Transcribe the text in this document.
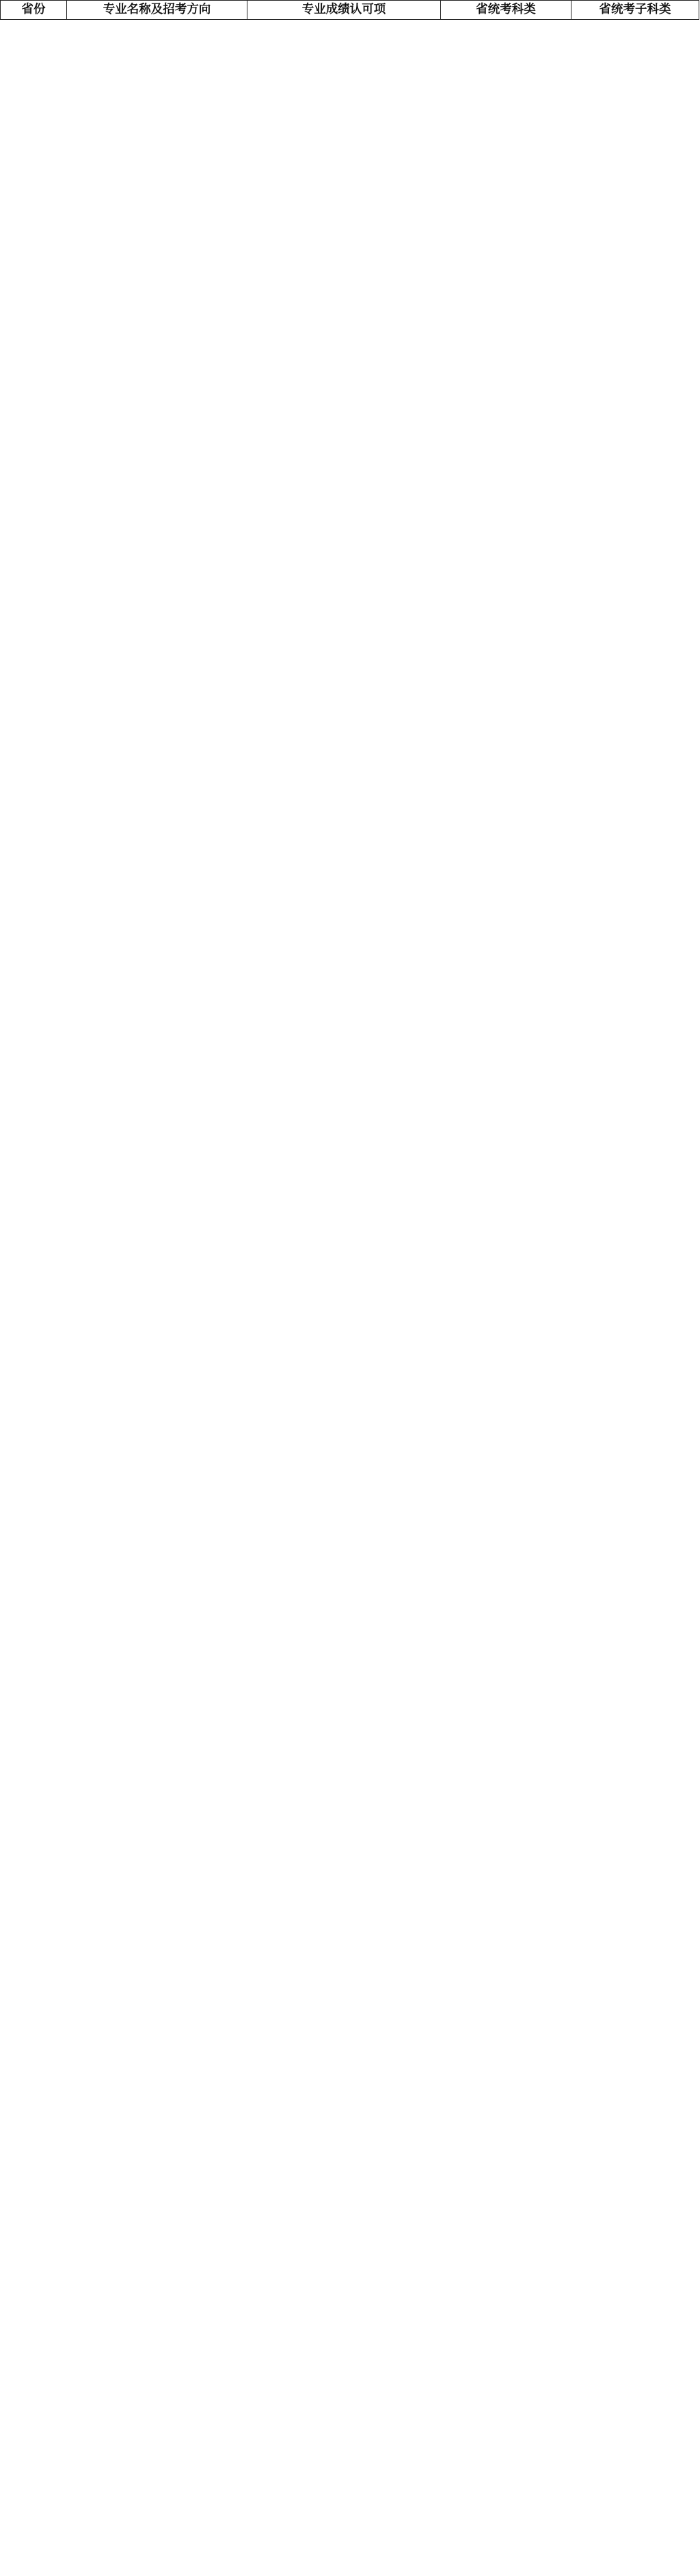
省份	专业名称及招考方向	专业成绩认可项	省统考科类	省统考子科类
